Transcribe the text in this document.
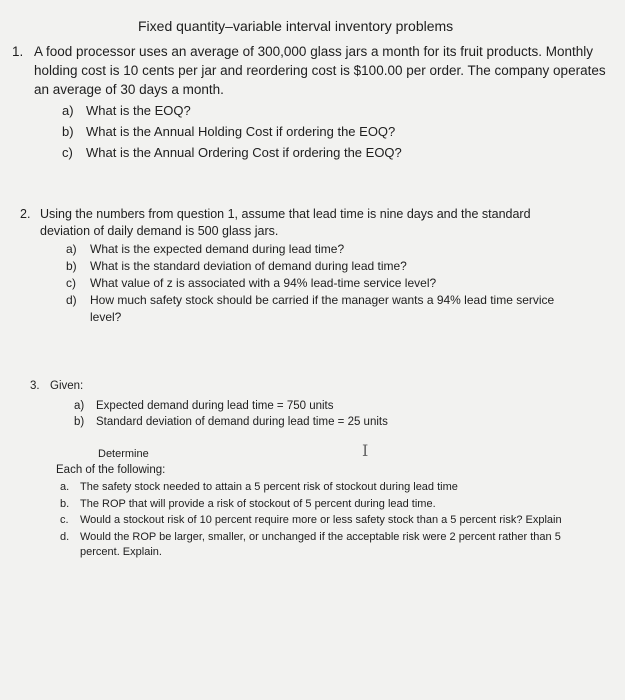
Fixed quantity–variable interval inventory problems
1. A food processor uses an average of 300,000 glass jars a month for its fruit products. Monthly holding cost is 10 cents per jar and reordering cost is $100.00 per order. The company operates an average of 30 days a month.
a) What is the EOQ?
b) What is the Annual Holding Cost if ordering the EOQ?
c)	What is the Annual Ordering Cost if ordering the EOQ?
2. Using the numbers from question 1, assume that lead time is nine days and the standard deviation of daily demand is 500 glass jars.
a)	What is the expected demand during lead time?
b)	What is the standard deviation of demand during lead time?
c)	What value of z is associated with a 94% lead-time service level?
d)	How much safety stock should be carried if the manager wants a 94% lead time service level?
3. Given:
a)	Expected demand during lead time = 750 units
b)	Standard deviation of demand during lead time = 25 units
Determine	I
Each of the following:
a. The safety stock needed to attain a 5 percent risk of stockout during lead time
b. The ROP that will provide a risk of stockout of 5 percent during lead time.
c.	Would a stockout risk of 10 percent require more or less safety stock than a 5 percent risk? Explain
d. Would the ROP be larger, smaller, or unchanged if the acceptable risk were 2 percent rather than 5 percent. Explain.
